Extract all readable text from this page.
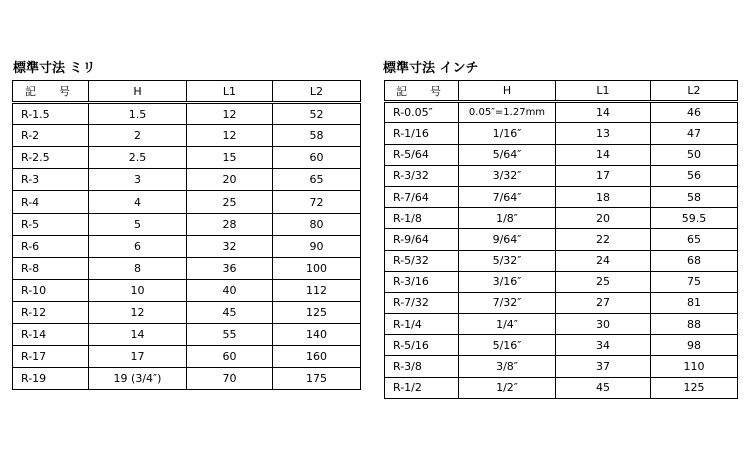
標準寸法 ミリ
記　号	H	L1	L2
R-1.5	1.5	12	52
R-2	2	12	58
R-2.5	2.5	15	60
R-3	3	20	65
R-4	4	25	72
R-5	5	28	80
R-6	6	32	90
R-8	8	36	100
R-10	10	40	112
R-12	12	45	125
R-14	14	55	140
R-17	17	60	160
R-19	19 (3/4″)	70	175
標準寸法 インチ
記　号	H	L1	L2
R-0.05″	0.05″=1.27mm	14	46
R-1/16	1/16″	13	47
R-5/64	5/64″	14	50
R-3/32	3/32″	17	56
R-7/64	7/64″	18	58
R-1/8	1/8″	20	59.5
R-9/64	9/64″	22	65
R-5/32	5/32″	24	68
R-3/16	3/16″	25	75
R-7/32	7/32″	27	81
R-1/4	1/4″	30	88
R-5/16	5/16″	34	98
R-3/8	3/8″	37	110
R-1/2	1/2″	45	125
